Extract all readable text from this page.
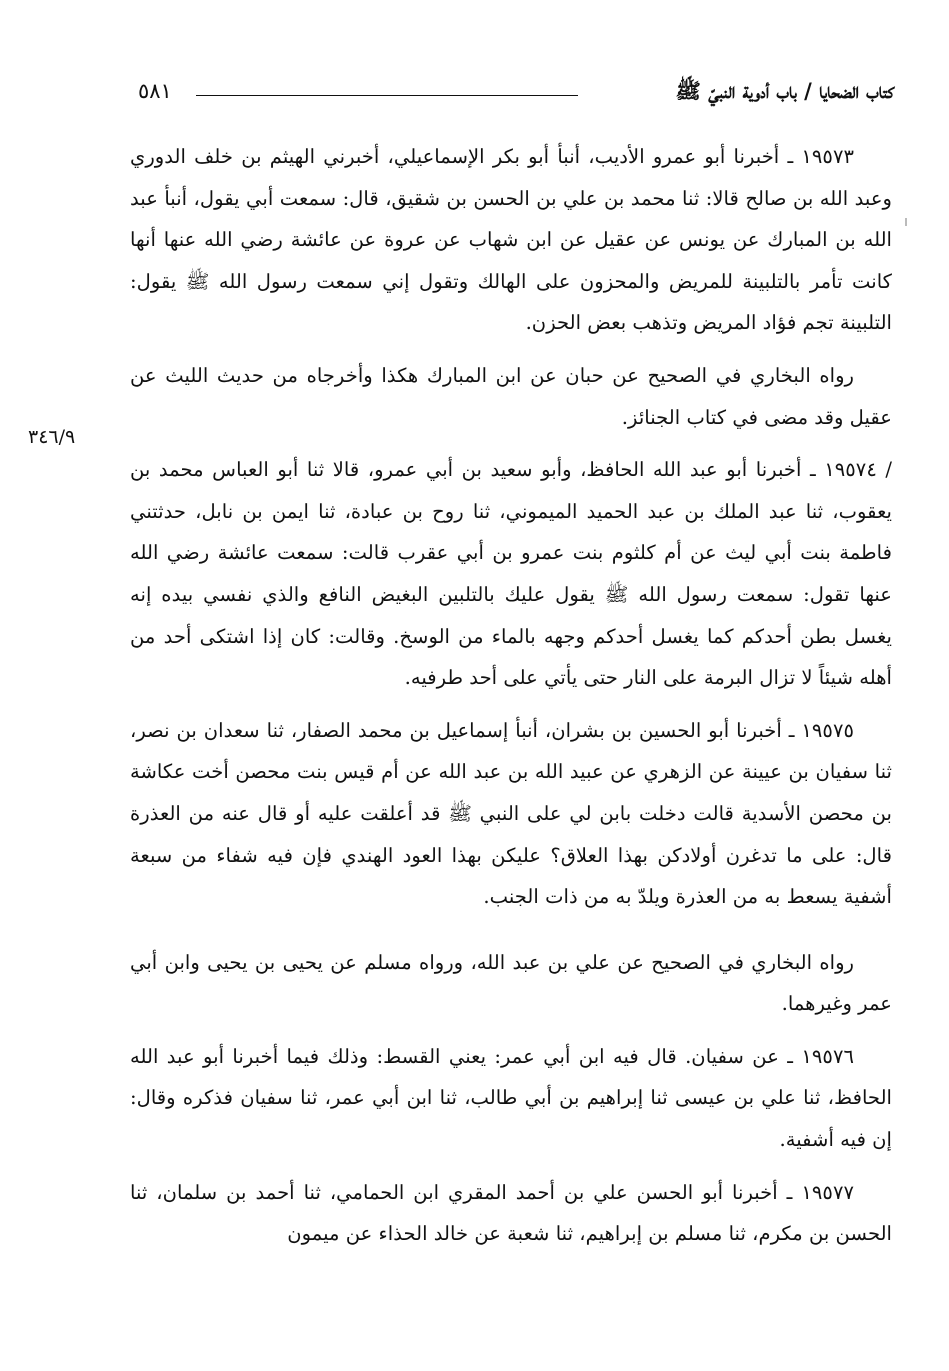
كتاب الضحايا / باب أدوية النبيّ ﷺ
٥٨١
٣٤٦/٩

١٩٥٧٣ ـ أخبرنا أبو عمرو الأديب، أنبأ أبو بكر الإسماعيلي، أخبرني الهيثم بن خلف الدوري وعبد الله بن صالح قالا: ثنا محمد بن علي بن الحسن بن شقيق، قال: سمعت أبي يقول، أنبأ عبد الله بن المبارك عن يونس عن عقيل عن ابن شهاب عن عروة عن عائشة رضي الله عنها أنها كانت تأمر بالتلبينة للمريض والمحزون على الهالك وتقول إني سمعت رسول الله ﷺ يقول: التلبينة تجم فؤاد المريض وتذهب بعض الحزن.

رواه البخاري في الصحيح عن حبان عن ابن المبارك هكذا وأخرجاه من حديث الليث عن عقيل وقد مضى في كتاب الجنائز.

/ ١٩٥٧٤ ـ أخبرنا أبو عبد الله الحافظ، وأبو سعيد بن أبي عمرو، قالا ثنا أبو العباس محمد بن يعقوب، ثنا عبد الملك بن عبد الحميد الميموني، ثنا روح بن عبادة، ثنا ايمن بن نابل، حدثتني فاطمة بنت أبي ليث عن أم كلثوم بنت عمرو بن أبي عقرب قالت: سمعت عائشة رضي الله عنها تقول: سمعت رسول الله ﷺ يقول عليك بالتلبين البغيض النافع والذي نفسي بيده إنه يغسل بطن أحدكم كما يغسل أحدكم وجهه بالماء من الوسخ. وقالت: كان إذا اشتكى أحد من أهله شيئاً لا تزال البرمة على النار حتى يأتي على أحد طرفيه.

١٩٥٧٥ ـ أخبرنا أبو الحسين بن بشران، أنبأ إسماعيل بن محمد الصفار، ثنا سعدان بن نصر، ثنا سفيان بن عيينة عن الزهري عن عبيد الله بن عبد الله عن أم قيس بنت محصن أخت عكاشة بن محصن الأسدية قالت دخلت بابن لي على النبي ﷺ قد أعلقت عليه أو قال عنه من العذرة قال: على ما تدغرن أولادكن بهذا العلاق؟ عليكن بهذا العود الهندي فإن فيه شفاء من سبعة أشفية يسعط به من العذرة ويلدّ به من ذات الجنب.

رواه البخاري في الصحيح عن علي بن عبد الله، ورواه مسلم عن يحيى بن يحيى وابن أبي عمر وغيرهما.

١٩٥٧٦ ـ عن سفيان. قال فيه ابن أبي عمر: يعني القسط: وذلك فيما أخبرنا أبو عبد الله الحافظ، ثنا علي بن عيسى ثنا إبراهيم بن أبي طالب، ثنا ابن أبي عمر، ثنا سفيان فذكره وقال: إن فيه أشفية.

١٩٥٧٧ ـ أخبرنا أبو الحسن علي بن أحمد المقري ابن الحمامي، ثنا أحمد بن سلمان، ثنا الحسن بن مكرم، ثنا مسلم بن إبراهيم، ثنا شعبة عن خالد الحذاء عن ميمون
